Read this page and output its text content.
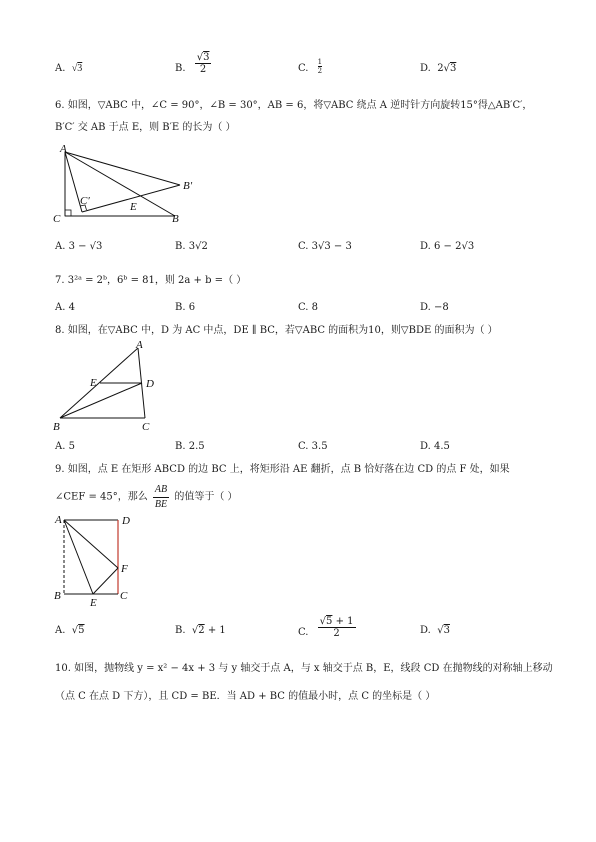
A.  √3	B. $\frac{√3}{2}$	C. $\frac{1}{2}$	D.  2√3
6. 如图，▽ABC 中，∠C = 90°，∠B = 30°，AB = 6，将▽ABC 绕点 A 逆时针方向旋转15°得△AB′C′，
B′C′ 交 AB 于点 E，则 B′E 的长为（ ）
A
C	B
B′
C′	E
A. 3 − √3	B. 3√2	C. 3√3 − 3	D. 6 − 2√3
7. 3²ᵃ = 2ᵇ，6ᵇ = 81，则 2a + b =（ ）
A. 4	B. 6	C. 8	D. −8
8. 如图，在▽ABC 中，D 为 AC 中点，DE ∥ BC，若▽ABC 的面积为10，则▽BDE 的面积为（ ）
A
E	D
B	C
A. 5	B. 2.5	C. 3.5	D. 4.5
9. 如图，点 E 在矩形 ABCD 的边 BC 上，将矩形沿 AE 翻折，点 B 恰好落在边 CD 的点 F 处，如果
∠CEF = 45°，那么 $\frac{AB}{BE}$ 的值等于（ ）
A	D
F
B
E
C
A.  √5	B.  √2 + 1	C. $\frac{√5 + 1}{2}$	D.  √3
10. 如图，抛物线 y = x² − 4x + 3 与 y 轴交于点 A，与 x 轴交于点 B，E，线段 CD 在抛物线的对称轴上移动
（点 C 在点 D 下方），且 CD = BE．当 AD + BC 的值最小时，点 C 的坐标是（ ）
